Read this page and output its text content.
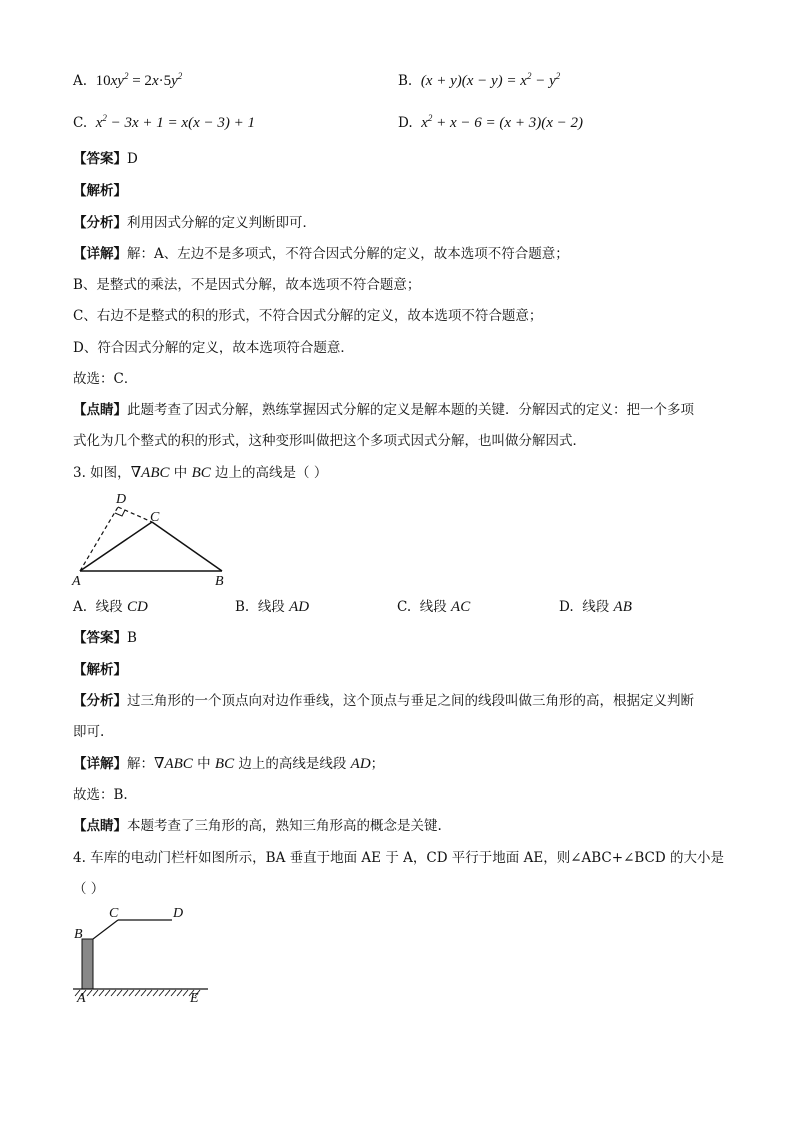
A. $10xy^2 = 2x\cdot 5y^2$	B. $(x + y)(x - y) = x^2 - y^2$
C. $x^2 - 3x + 1 = x(x - 3) + 1$	D. $x^2 + x - 6 = (x + 3)(x - 2)$
【答案】D
【解析】
【分析】利用因式分解的定义判断即可．
【详解】解：A、左边不是多项式，不符合因式分解的定义，故本选项不符合题意；
B、是整式的乘法，不是因式分解，故本选项不符合题意；
C、右边不是整式的积的形式，不符合因式分解的定义，故本选项不符合题意；
D、符合因式分解的定义，故本选项符合题意．
故选：C．
【点睛】此题考查了因式分解，熟练掌握因式分解的定义是解本题的关键．分解因式的定义：把一个多项
式化为几个整式的积的形式，这种变形叫做把这个多项式因式分解，也叫做分解因式．
3. 如图，∇ABC 中 BC 边上的高线是（ ）
D
C
A	B
A. 线段 CD	B. 线段 AD	C. 线段 AC	D. 线段 AB
【答案】B
【解析】
【分析】过三角形的一个顶点向对边作垂线，这个顶点与垂足之间的线段叫做三角形的高，根据定义判断
即可.
【详解】解：∇ABC 中 BC 边上的高线是线段 AD；
故选：B.
【点睛】本题考查了三角形的高，熟知三角形高的概念是关键.
4. 车库的电动门栏杆如图所示，BA 垂直于地面 AE 于 A，CD 平行于地面 AE，则∠ABC+∠BCD 的大小是
（ ）
B
C	D
A	E
